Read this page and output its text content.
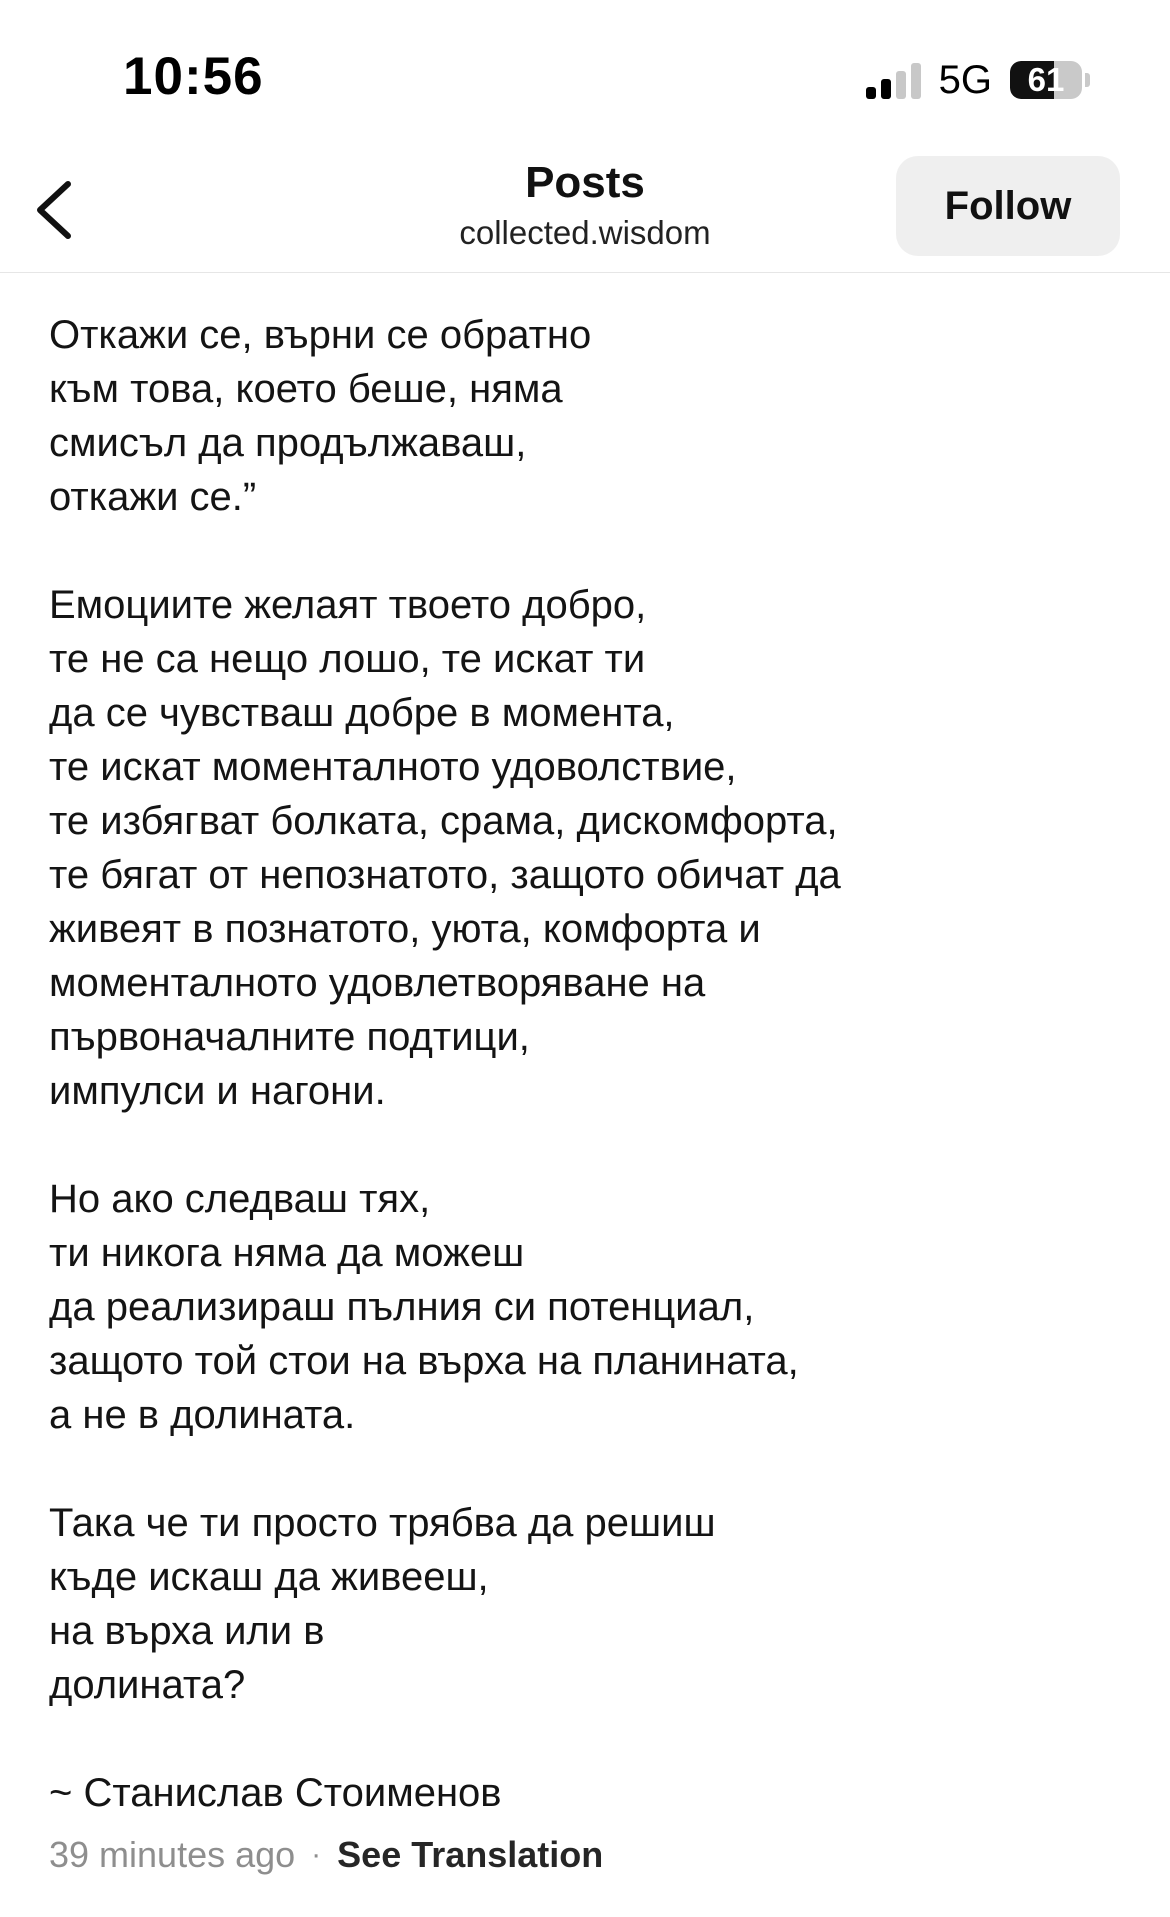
10:56	5G	61
Posts
collected.wisdom
Follow
Откажи се, върни се обратно
към това, което беше, няма
смисъл да продължаваш,
откажи се.”
Емоциите желаят твоето добро,
те не са нещо лошо, те искат ти
да се чувстваш добре в момента,
те искат моменталното удоволствие,
те избягват болката, срама, дискомфорта,
те бягат от непознатото, защото обичат да
живеят в познатото, уюта, комфорта и
моменталното удовлетворяване на
първоначалните подтици,
импулси и нагони.
Но ако следваш тях,
ти никога няма да можеш
да реализираш пълния си потенциал,
защото той стои на върха на планината,
а не в долината.
Така че ти просто трябва да решиш
къде искаш да живееш,
на върха или в
долината?
~ Станислав Стоименов
39 minutes ago · See Translation
